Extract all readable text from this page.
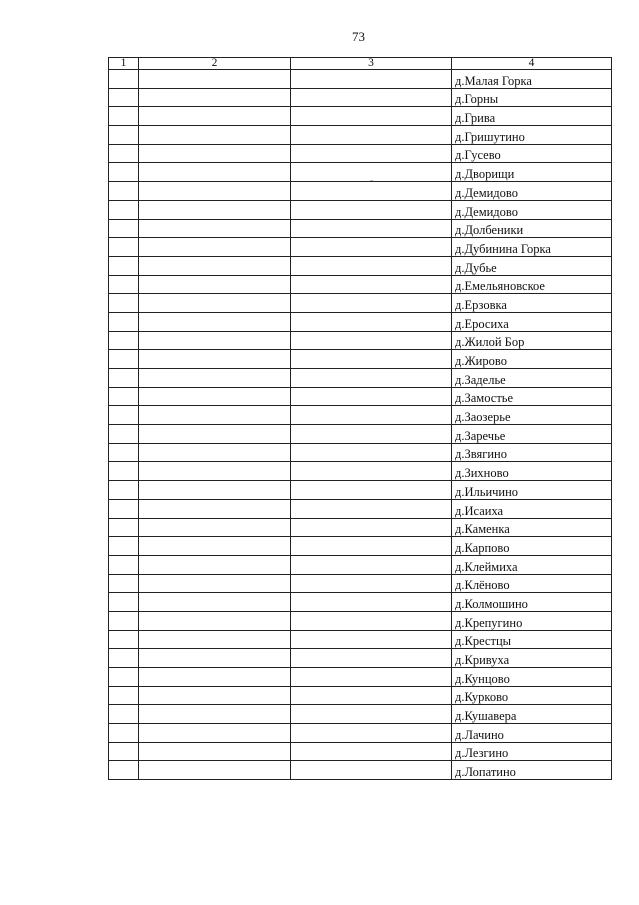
73
1	2	3	4
			д.Малая Горка
			д.Горны
			д.Грива
			д.Гришутино
			д.Гусево
			д.Дворищи
			д.Демидово
			д.Демидово
			д.Долбеники
			д.Дубинина Горка
			д.Дубье
			д.Емельяновское
			д.Ерзовка
			д.Еросиха
			д.Жилой Бор
			д.Жирово
			д.Заделье
			д.Замостье
			д.Заозерье
			д.Заречье
			д.Звягино
			д.Зихново
			д.Ильичино
			д.Исаиха
			д.Каменка
			д.Карпово
			д.Клеймиха
			д.Клёново
			д.Колмошино
			д.Крепугино
			д.Крестцы
			д.Кривуха
			д.Кунцово
			д.Курково
			д.Кушавера
			д.Лачино
			д.Лезгино
			д.Лопатино
